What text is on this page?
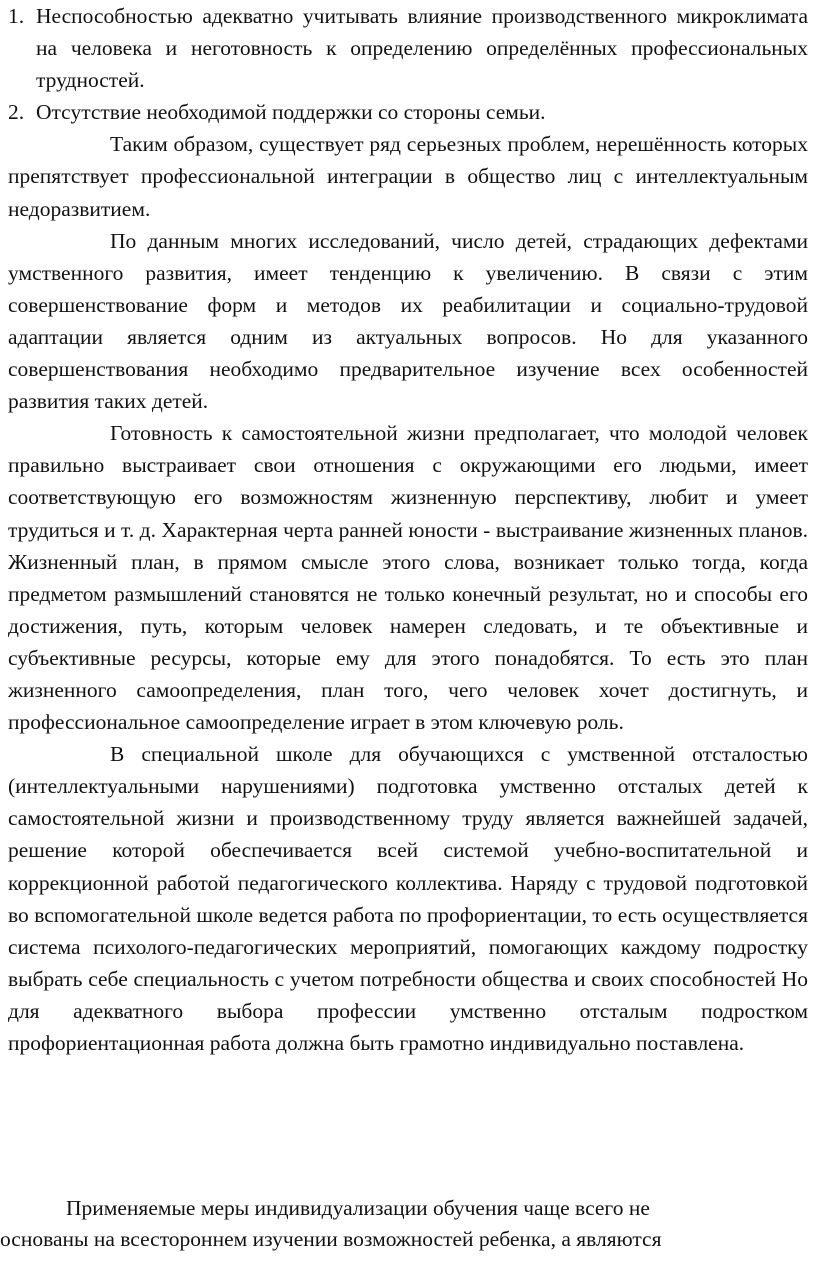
1. Неспособностью адекватно учитывать влияние производственного микроклимата на человека и неготовность к определению определённых профессиональных трудностей.
2. Отсутствие необходимой поддержки со стороны семьи.

Таким образом, существует ряд серьезных проблем, нерешённость которых препятствует профессиональной интеграции в общество лиц с интеллектуальным недоразвитием.

По данным многих исследований, число детей, страдающих дефектами умственного развития, имеет тенденцию к увеличению. В связи с этим совершенствование форм и методов их реабилитации и социально-трудовой адаптации является одним из актуальных вопросов. Но для указанного совершенствования необходимо предварительное изучение всех особенностей развития таких детей.

Готовность к самостоятельной жизни предполагает, что молодой человек правильно выстраивает свои отношения с окружающими его людьми, имеет соответствующую его возможностям жизненную перспективу, любит и умеет трудиться и т. д. Характерная черта ранней юности - выстраивание жизненных планов. Жизненный план, в прямом смысле этого слова, возникает только тогда, когда предметом размышлений становятся не только конечный результат, но и способы его достижения, путь, которым человек намерен следовать, и те объективные и субъективные ресурсы, которые ему для этого понадобятся. То есть это план жизненного самоопределения, план того, чего человек хочет достигнуть, и профессиональное самоопределение играет в этом ключевую роль.

В специальной школе для обучающихся с умственной отсталостью (интеллектуальными нарушениями) подготовка умственно отсталых детей к самостоятельной жизни и производственному труду является важнейшей задачей, решение которой обеспечивается всей системой учебно-воспитательной и коррекционной работой педагогического коллектива. Наряду с трудовой подготовкой во вспомогательной школе ведется работа по профориентации, то есть осуществляется система психолого-педагогических мероприятий, помогающих каждому подростку выбрать себе специальность с учетом потребности общества и своих способностей Но для адекватного выбора профессии умственно отсталым подростком профориентационная работа должна быть грамотно индивидуально поставлена.

Применяемые меры индивидуализации обучения чаще всего не

основаны на всестороннем изучении возможностей ребенка, а являются
